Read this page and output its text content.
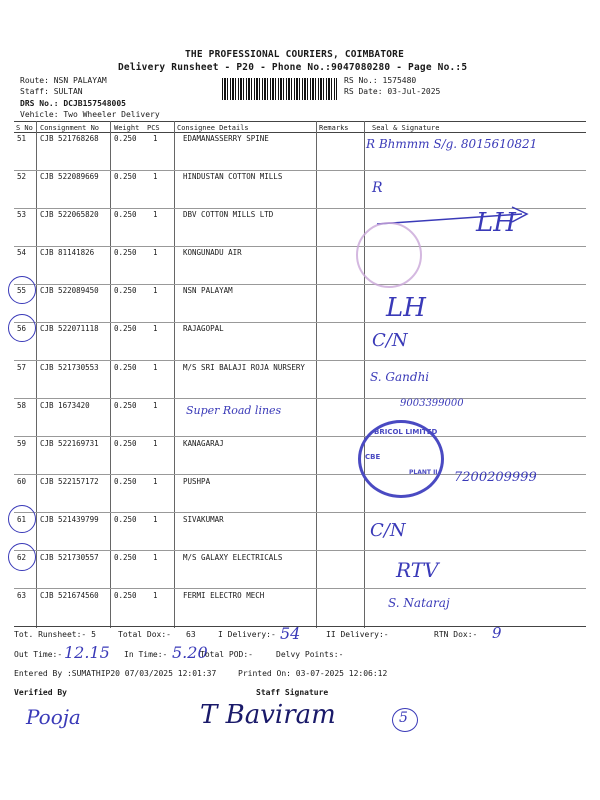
THE PROFESSIONAL COURIERS, COIMBATORE
Delivery Runsheet - P20 - Phone No.:9047080280 - Page No.:5
Route: NSN PALAYAM
Staff: SULTAN
DRS No.: DCJB157548005
Vehicle: Two Wheeler Delivery
RS No.: 1575480
RS Date: 03-Jul-2025
S No Consignment No Weight PCS Consignee Details	Remarks	Seal & Signature
51 CJB 521768268 0.250 1	EDAMANASSERRY SPINE
52 CJB 522089669 0.250 1	HINDUSTAN COTTON MILLS
53 CJB 522065820 0.250 1	DBV COTTON MILLS LTD
54 CJB 81141826	0.250 1	KONGUNADU AIR
55 CJB 522089450 0.250 1	NSN PALAYAM
56 CJB 522071118 0.250 1	RAJAGOPAL
57 CJB 521730553 0.250 1	M/S SRI BALAJI ROJA NURSERY
58 CJB 1673420	0.250 1
59 CJB 522169731 0.250 1	KANAGARAJ
60 CJB 522157172 0.250 1	PUSHPA
61 CJB 521439799 0.250 1	SIVAKUMAR
62 CJB 521730557 0.250 1	M/S GALAXY ELECTRICALS
63 CJB 521674560 0.250 1	FERMI ELECTRO MECH
R Bhmmm S/g. 8015610821
R
LH
LH
C/N
S. Gandhi
Super Road lines
9003399000
7200209999
C/N
RTV
S. Nataraj
BRICOL LIMITED
CBE
PLANT II
Tot. Runsheet:- 5	Total Dox:- 63	I Delivery:- 54	II Delivery:-	RTN Dox:- 9
Out Time:- 12.15 In Time:- 5.20
Total POD:-	Delvy Points:-
Entered By :SUMATHIP20 07/03/2025 12:01:37	Printed On: 03-07-2025 12:06:12
Verified By	Staff Signature
Pooja	T Baviram	5
